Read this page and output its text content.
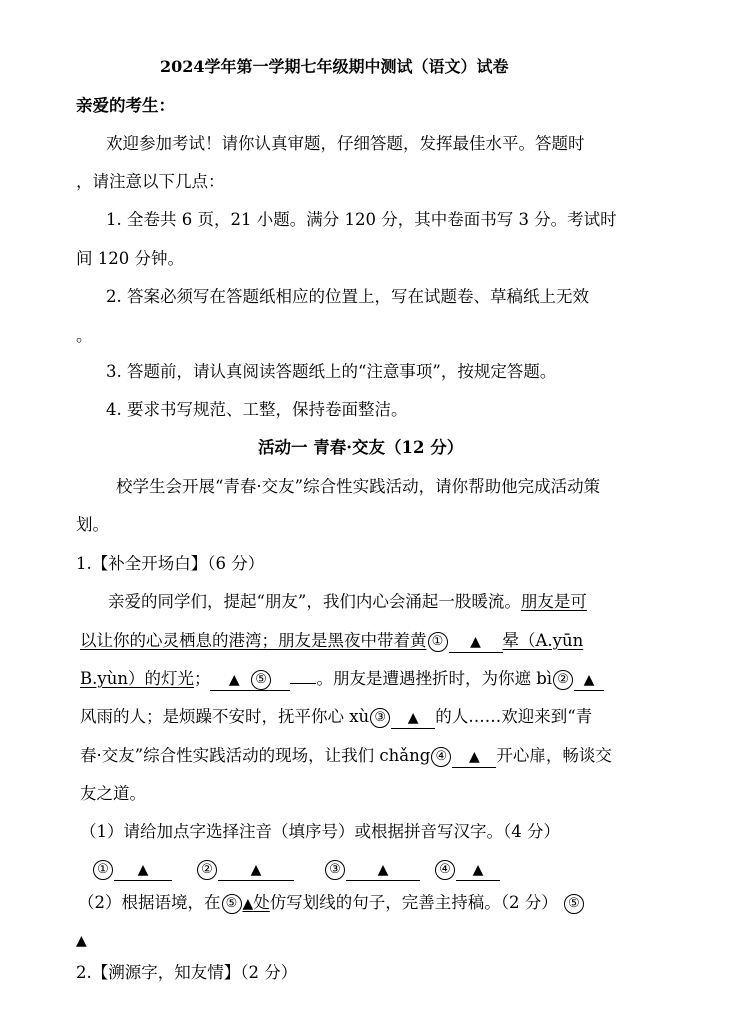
2024学年第一学期七年级期中测试（语文）试卷
亲爱的考生：
欢迎参加考试！请你认真审题，仔细答题，发挥最佳水平。答题时
，请注意以下几点：
1. 全卷共 6 页，21 小题。满分 120 分，其中卷面书写 3 分。考试时
间 120 分钟。
2. 答案必须写在答题纸相应的位置上，写在试题卷、草稿纸上无效
。
3. 答题前，请认真阅读答题纸上的“注意事项”，按规定答题。
4. 要求书写规范、工整，保持卷面整洁。
活动一 青春·交友（12 分）
校学生会开展“青春·交友”综合性实践活动，请你帮助他完成活动策
划。
1.【补全开场白】（6 分）
亲爱的同学们，提起“朋友”，我们内心会涌起一股暖流。朋友是可
以让你的心灵栖息的港湾；朋友是黑夜中带着黄 ① ▲ 晕（A.yūn
B.yùn）的灯光； ▲ ⑤	。朋友是遭遇挫折时，为你遮 bì ② ▲
风雨的人；是烦躁不安时，抚平你心 xù ③ ▲ 的人……欢迎来到“青
春·交友”综合性实践活动的现场，让我们 chǎng ④ ▲ 开心扉，畅谈交
友之道。
（1）请给加点字选择注音（填序号）或根据拼音写汉字。（4 分）
① ▲	②	▲	③	▲	④ ▲
（2）根据语境，在 ⑤ ▲处仿写划线的句子，完善主持稿。（2 分） ⑤
▲
2.【溯源字，知友情】（2 分）
